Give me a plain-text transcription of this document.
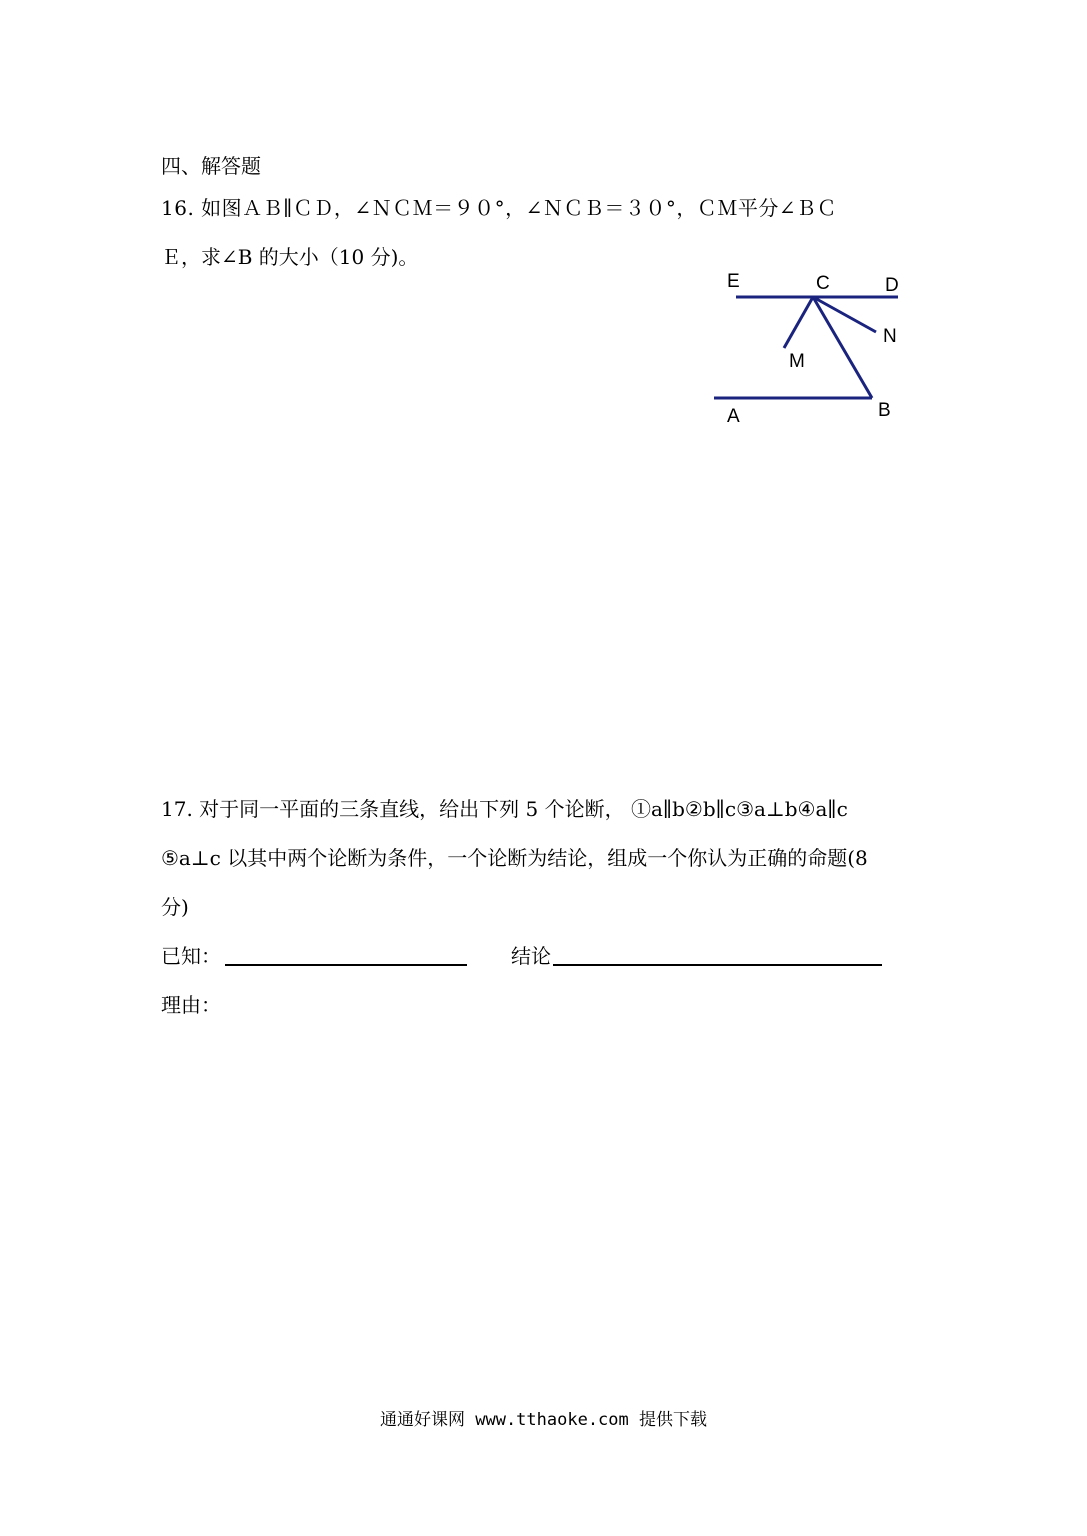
四、解答题
16. 如图ＡＢ∥ＣＤ，∠ＮＣＭ＝９０°，∠ＮＣＢ＝３０°，ＣＭ平分∠ＢＣ
Ｅ，求∠B 的大小（10 分)。
E	C	D
N
M
A	B
17. 对于同一平面的三条直线，给出下列 5 个论断， ①a∥b②b∥c③a⊥b④a∥c
⑤a⊥c 以其中两个论断为条件，一个论断为结论，组成一个你认为正确的命题(8
分)
已知：	结论
理由：
通通好课网 www.tthaoke.com 提供下载
